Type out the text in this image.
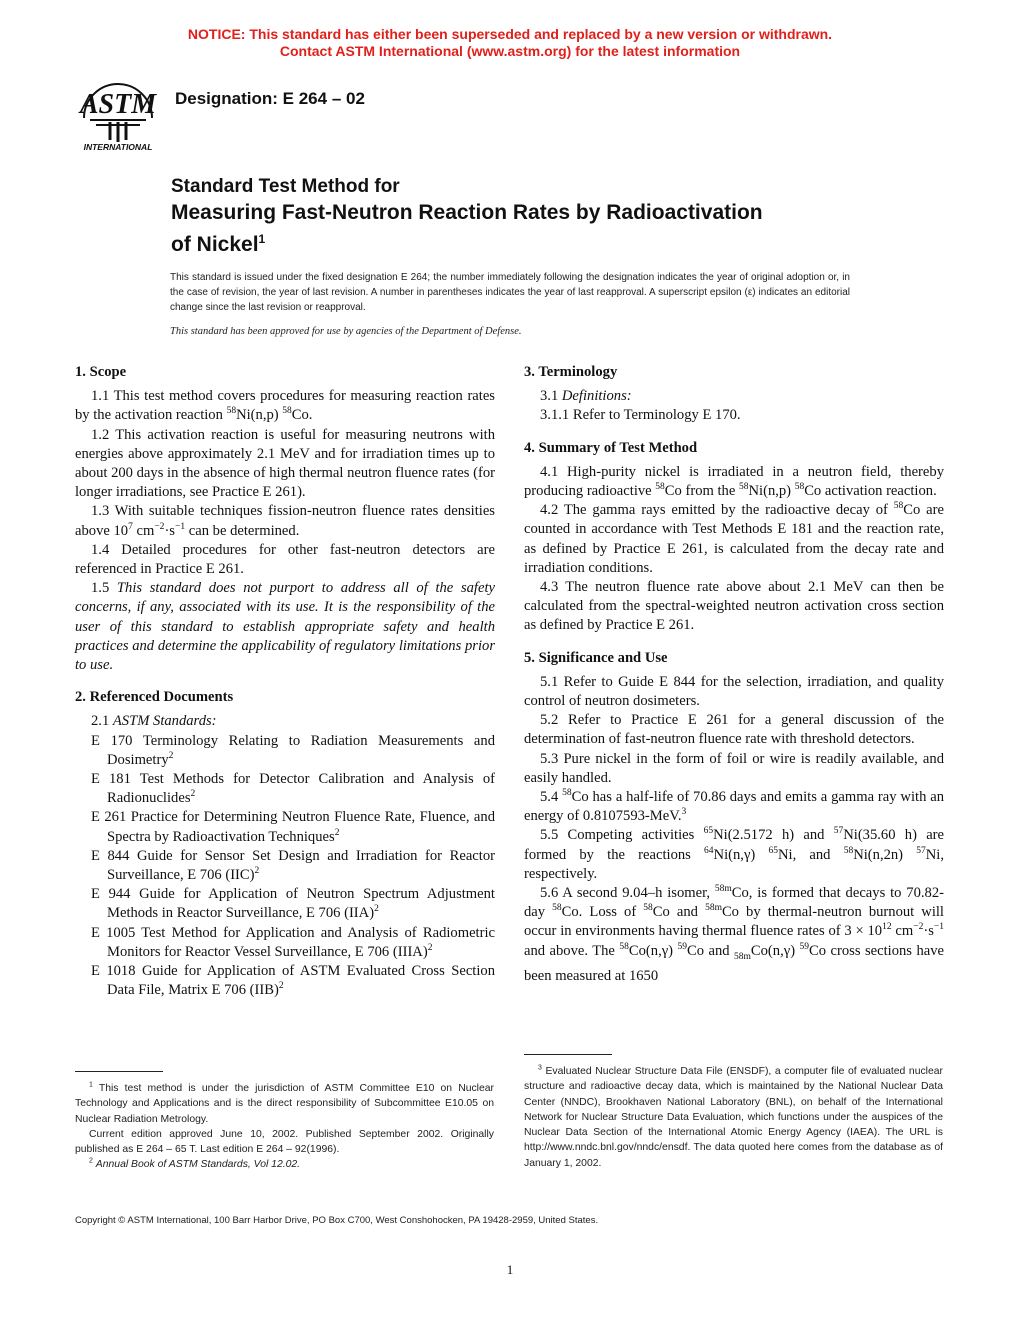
NOTICE: This standard has either been superseded and replaced by a new version or withdrawn.
Contact ASTM International (www.astm.org) for the latest information
ASTM
INTERNATIONAL
Designation: E 264 – 02
Standard Test Method for
Measuring Fast-Neutron Reaction Rates by Radioactivation
of Nickel$^1$
This standard is issued under the fixed designation E 264; the number immediately following the designation indicates the year of original adoption or, in the case of revision, the year of last revision. A number in parentheses indicates the year of last reapproval. A superscript epsilon (ε) indicates an editorial change since the last revision or reapproval.
This standard has been approved for use by agencies of the Department of Defense.
1. Scope

1.1 This test method covers procedures for measuring reaction rates by the activation reaction $^{58}$Ni(n,p) $^{58}$Co.

1.2 This activation reaction is useful for measuring neutrons with energies above approximately 2.1 MeV and for irradiation times up to about 200 days in the absence of high thermal neutron fluence rates (for longer irradiations, see Practice E 261).

1.3 With suitable techniques fission-neutron fluence rates densities above $10^7$ $cm^{-2}\cdot s^{-1}$ can be determined.

1.4 Detailed procedures for other fast-neutron detectors are referenced in Practice E 261.

1.5 This standard does not purport to address all of the safety concerns, if any, associated with its use. It is the responsibility of the user of this standard to establish appropriate safety and health practices and determine the applicability of regulatory limitations prior to use.

2. Referenced Documents

2.1 ASTM Standards:

E 170 Terminology Relating to Radiation Measurements and Dosimetry$^2$

E 181 Test Methods for Detector Calibration and Analysis of Radionuclides$^2$

E 261 Practice for Determining Neutron Fluence Rate, Fluence, and Spectra by Radioactivation Techniques$^2$

E 844 Guide for Sensor Set Design and Irradiation for Reactor Surveillance, E 706 (IIC)$^2$

E 944 Guide for Application of Neutron Spectrum Adjustment Methods in Reactor Surveillance, E 706 (IIA)$^2$

E 1005 Test Method for Application and Analysis of Radiometric Monitors for Reactor Vessel Surveillance, E 706 (IIIA)$^2$

E 1018 Guide for Application of ASTM Evaluated Cross Section Data File, Matrix E 706 (IIB)$^2$

3. Terminology

3.1 Definitions:

3.1.1 Refer to Terminology E 170.

4. Summary of Test Method

4.1 High-purity nickel is irradiated in a neutron field, thereby producing radioactive $^{58}$Co from the $^{58}$Ni(n,p) $^{58}$Co activation reaction.

4.2 The gamma rays emitted by the radioactive decay of $^{58}$Co are counted in accordance with Test Methods E 181 and the reaction rate, as defined by Practice E 261, is calculated from the decay rate and irradiation conditions.

4.3 The neutron fluence rate above about 2.1 MeV can then be calculated from the spectral-weighted neutron activation cross section as defined by Practice E 261.

5. Significance and Use

5.1 Refer to Guide E 844 for the selection, irradiation, and quality control of neutron dosimeters.

5.2 Refer to Practice E 261 for a general discussion of the determination of fast-neutron fluence rate with threshold detectors.

5.3 Pure nickel in the form of foil or wire is readily available, and easily handled.

5.4 $^{58}$Co has a half-life of 70.86 days and emits a gamma ray with an energy of 0.8107593-MeV.$^3$

5.5 Competing activities $^{65}$Ni(2.5172 h) and $^{57}$Ni(35.60 h) are formed by the reactions $^{64}$Ni(n,γ) $^{65}$Ni, and $^{58}$Ni(n,2n) $^{57}$Ni, respectively.

5.6 A second 9.04–h isomer, $^{58m}$Co, is formed that decays to 70.82-day $^{58}$Co. Loss of $^{58}$Co and $^{58m}$Co by thermal-neutron burnout will occur in environments having thermal fluence rates of $3 \times 10^{12}$ $cm^{-2}\cdot s^{-1}$ and above. The $^{58}$Co(n,γ) $^{59}$Co and $_{58m}$Co(n,γ) $^{59}$Co cross sections have been measured at 1650

$^1$ This test method is under the jurisdiction of ASTM Committee E10 on Nuclear Technology and Applications and is the direct responsibility of Subcommittee E10.05 on Nuclear Radiation Metrology.

Current edition approved June 10, 2002. Published September 2002. Originally published as E 264 – 65 T. Last edition E 264 – 92(1996).

$^2$ Annual Book of ASTM Standards, Vol 12.02.

$^3$ Evaluated Nuclear Structure Data File (ENSDF), a computer file of evaluated nuclear structure and radioactive decay data, which is maintained by the National Nuclear Data Center (NNDC), Brookhaven National Laboratory (BNL), on behalf of the International Network for Nuclear Structure Data Evaluation, which functions under the auspices of the Nuclear Data Section of the International Atomic Energy Agency (IAEA). The URL is http://www.nndc.bnl.gov/nndc/ensdf. The data quoted here comes from the database as of January 1, 2002.

Copyright © ASTM International, 100 Barr Harbor Drive, PO Box C700, West Conshohocken, PA 19428-2959, United States.
1
